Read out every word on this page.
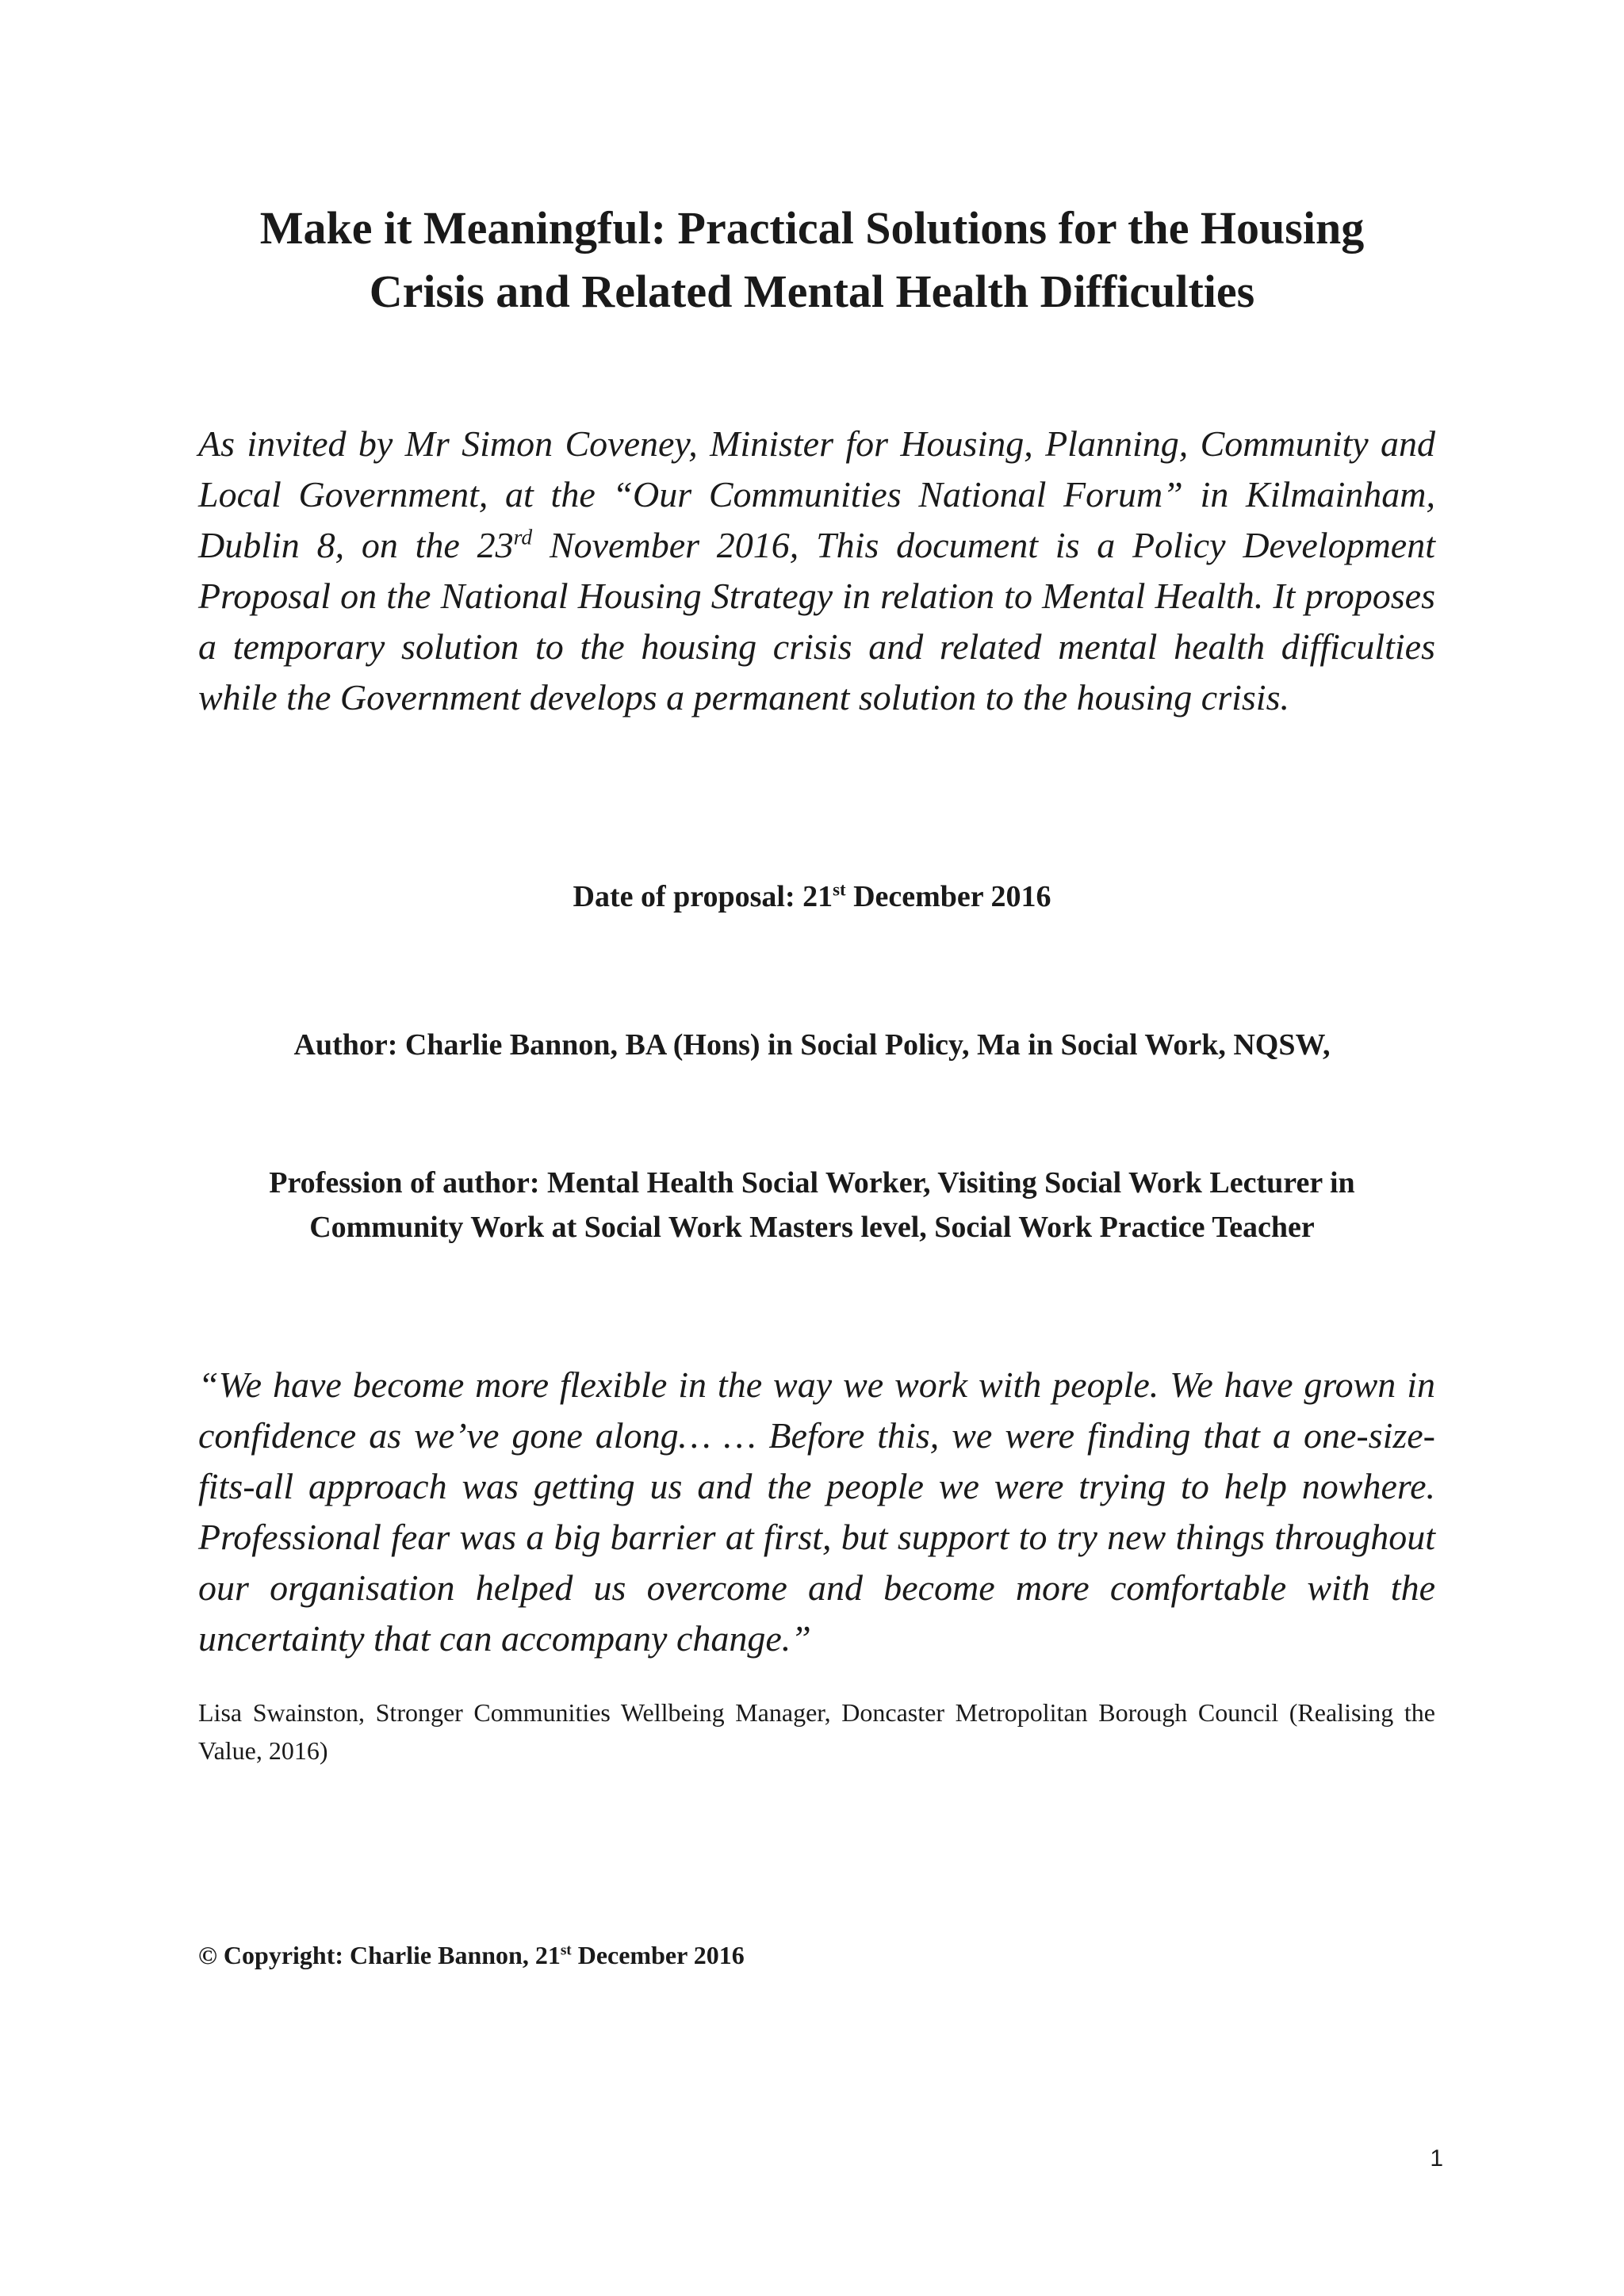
Make it Meaningful: Practical Solutions for the Housing
Crisis and Related Mental Health Difficulties

As invited by Mr Simon Coveney, Minister for Housing, Planning, Community and Local Government, at the “Our Communities National Forum” in Kilmainham, Dublin 8, on the 23rd November 2016, This document is a Policy Development Proposal on the National Housing Strategy in relation to Mental Health. It proposes a temporary solution to the housing crisis and related mental health difficulties while the Government develops a permanent solution to the housing crisis.

Date of proposal: 21st December 2016

Author: Charlie Bannon, BA (Hons) in Social Policy, Ma in Social Work, NQSW,

Profession of author: Mental Health Social Worker, Visiting Social Work Lecturer in
Community Work at Social Work Masters level, Social Work Practice Teacher

“We have become more flexible in the way we work with people. We have grown in confidence as we’ve gone along… … Before this, we were finding that a one-size-fits-all approach was getting us and the people we were trying to help nowhere. Professional fear was a big barrier at first, but support to try new things throughout our organisation helped us overcome and become more comfortable with the uncertainty that can accompany change.”

Lisa Swainston, Stronger Communities Wellbeing Manager, Doncaster Metropolitan Borough Council (Realising the Value, 2016)

© Copyright: Charlie Bannon, 21st December 2016

1
